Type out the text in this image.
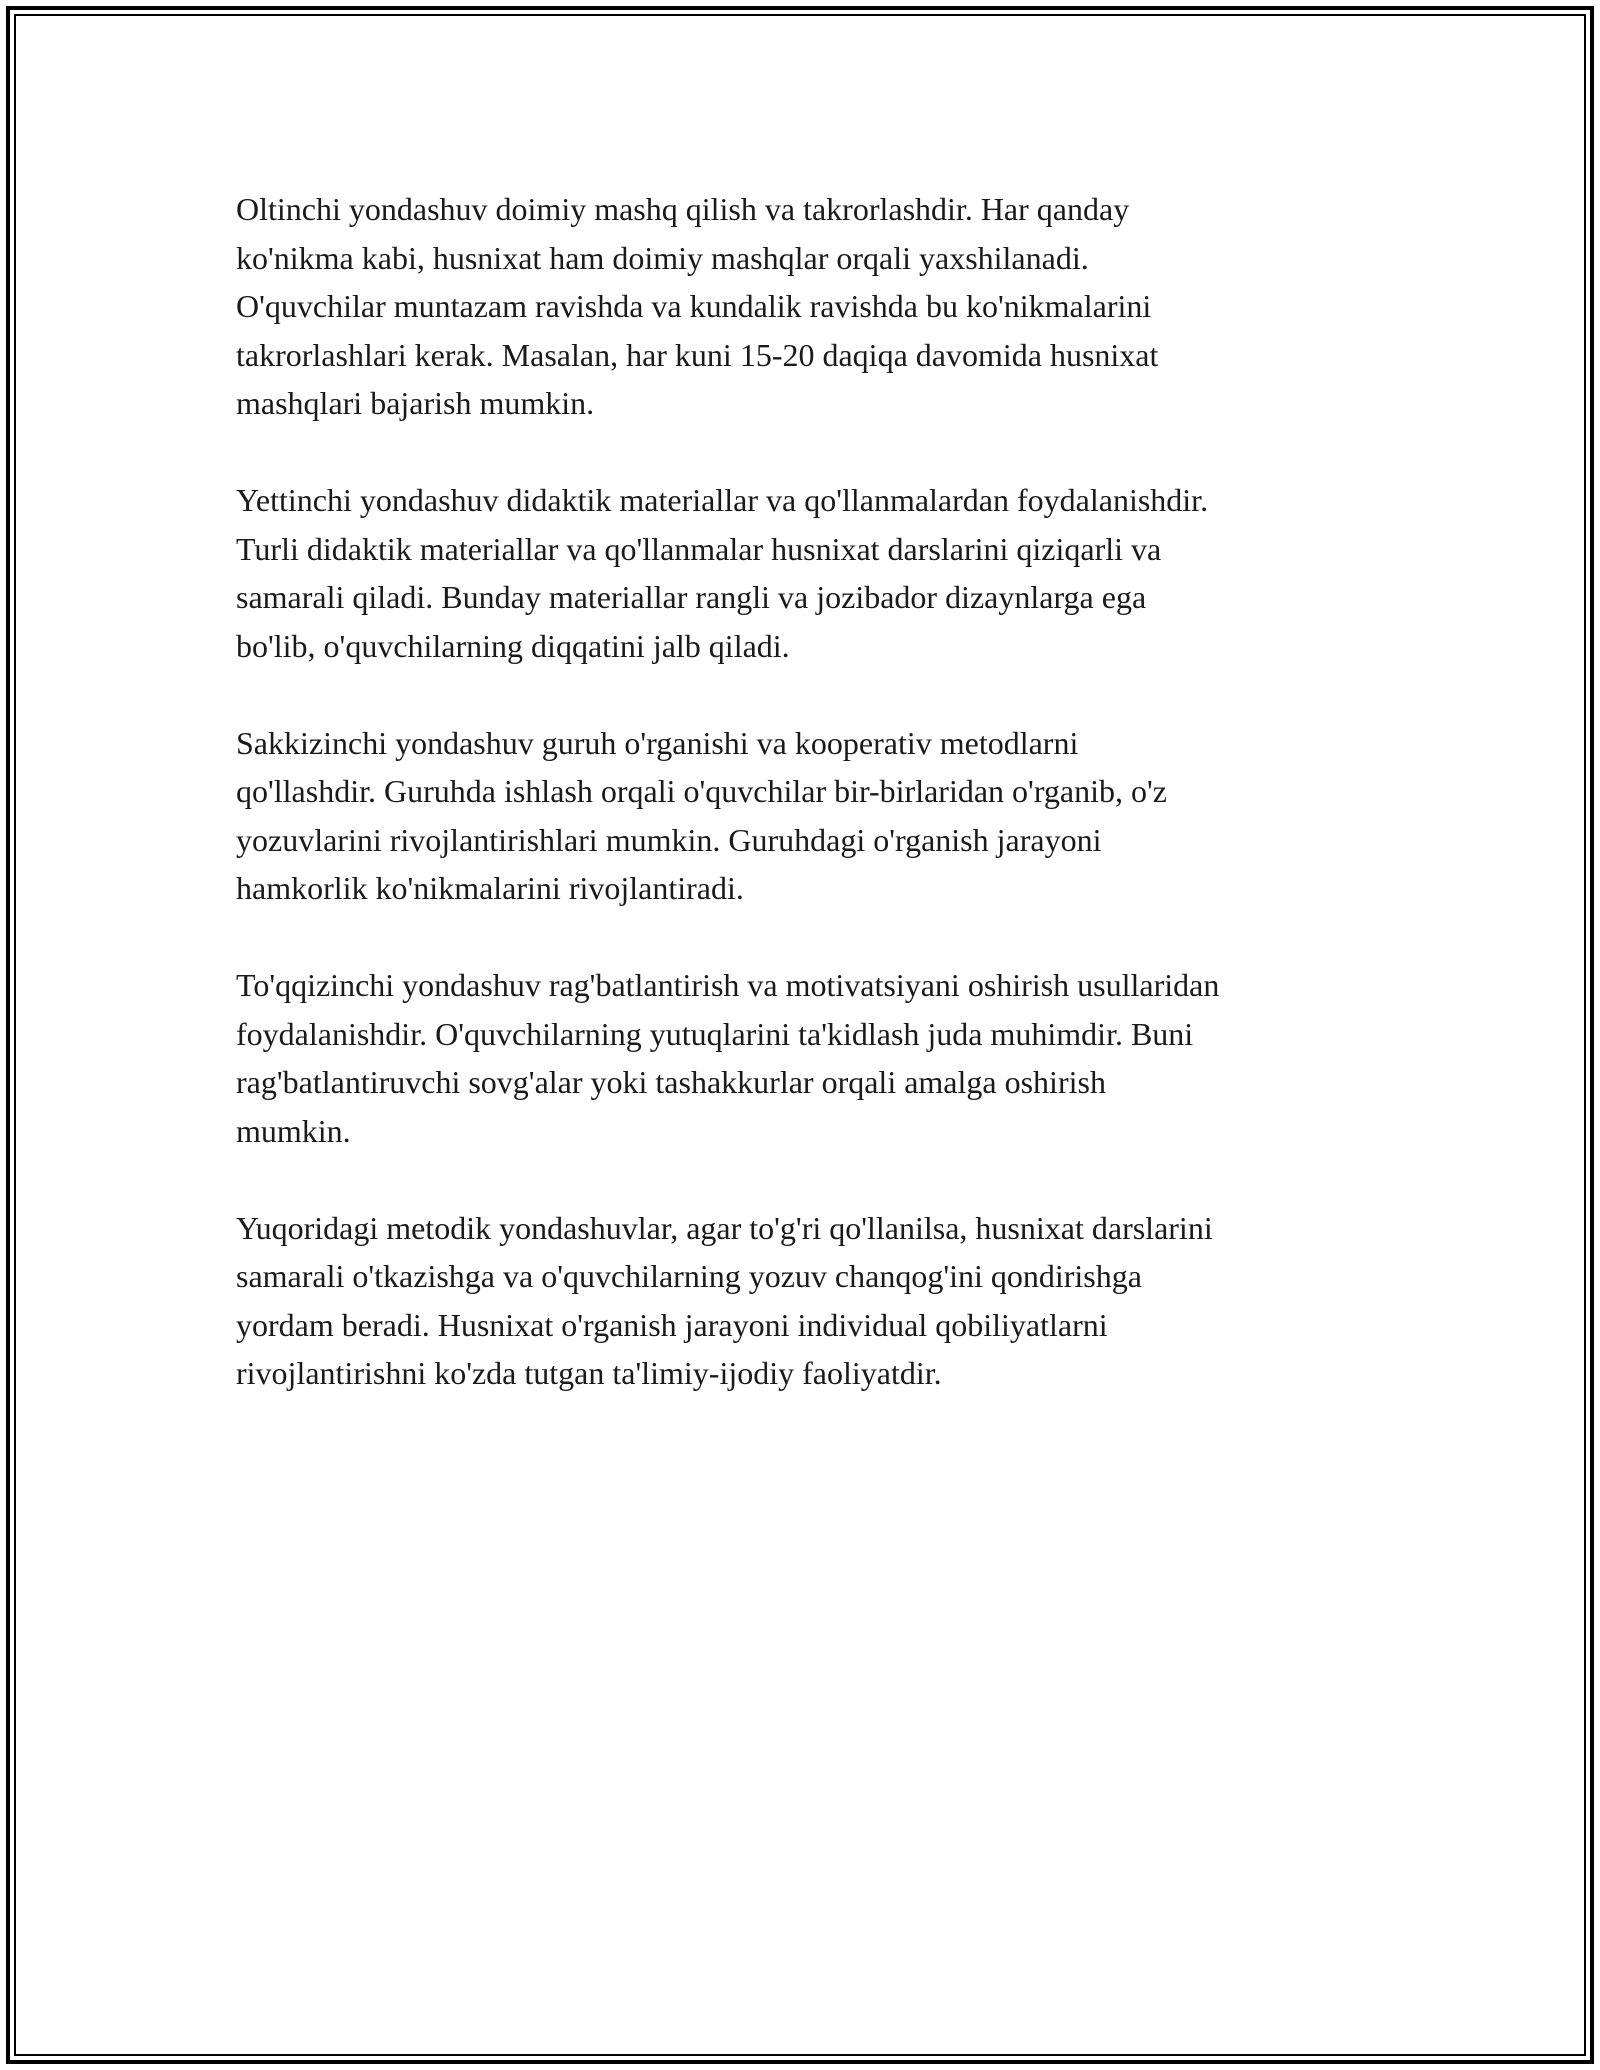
Oltinchi yondashuv doimiy mashq qilish va takrorlashdir. Har qanday
ko'nikma kabi, husnixat ham doimiy mashqlar orqali yaxshilanadi.
O'quvchilar muntazam ravishda va kundalik ravishda bu ko'nikmalarini
takrorlashlari kerak. Masalan, har kuni 15-20 daqiqa davomida husnixat
mashqlari bajarish mumkin.

Yettinchi yondashuv didaktik materiallar va qo'llanmalardan foydalanishdir.
Turli didaktik materiallar va qo'llanmalar husnixat darslarini qiziqarli va
samarali qiladi. Bunday materiallar rangli va jozibador dizaynlarga ega
bo'lib, o'quvchilarning diqqatini jalb qiladi.

Sakkizinchi yondashuv guruh o'rganishi va kooperativ metodlarni
qo'llashdir. Guruhda ishlash orqali o'quvchilar bir-birlaridan o'rganib, o'z
yozuvlarini rivojlantirishlari mumkin. Guruhdagi o'rganish jarayoni
hamkorlik ko'nikmalarini rivojlantiradi.

To'qqizinchi yondashuv rag'batlantirish va motivatsiyani oshirish usullaridan
foydalanishdir. O'quvchilarning yutuqlarini ta'kidlash juda muhimdir. Buni
rag'batlantiruvchi sovg'alar yoki tashakkurlar orqali amalga oshirish
mumkin.

Yuqoridagi metodik yondashuvlar, agar to'g'ri qo'llanilsa, husnixat darslarini
samarali o'tkazishga va o'quvchilarning yozuv chanqog'ini qondirishga
yordam beradi. Husnixat o'rganish jarayoni individual qobiliyatlarni
rivojlantirishni ko'zda tutgan ta'limiy-ijodiy faoliyatdir.
